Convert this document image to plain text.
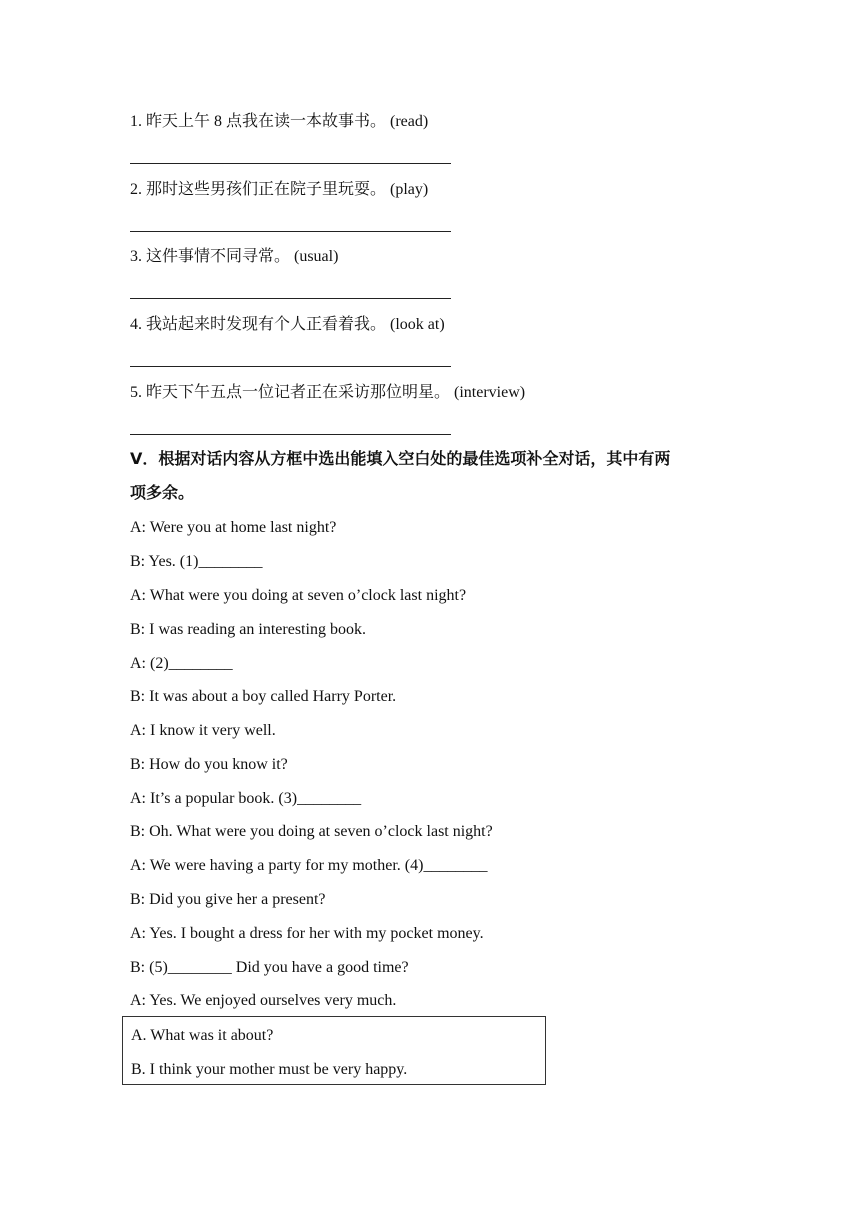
1. 昨天上午 8 点我在读一本故事书。 (read)
2. 那时这些男孩们正在院子里玩耍。 (play)
3. 这件事情不同寻常。 (usual)
4. 我站起来时发现有个人正看着我。 (look at)
5. 昨天下午五点一位记者正在采访那位明星。 (interview)
Ⅴ．根据对话内容从方框中选出能填入空白处的最佳选项补全对话，其中有两
项多余。
A: Were you at home last night?
B: Yes. (1)________
A: What were you doing at seven o’clock last night?
B: I was reading an interesting book.
A: (2)________
B: It was about a boy called Harry Porter.
A: I know it very well.
B: How do you know it?
A: It’s a popular book. (3)________
B: Oh. What were you doing at seven o’clock last night?
A: We were having a party for my mother. (4)________
B: Did you give her a present?
A: Yes. I bought a dress for her with my pocket money.
B: (5)________ Did you have a good time?
A: Yes. We enjoyed ourselves very much.
A. What was it about?
B. I think your mother must be very happy.
